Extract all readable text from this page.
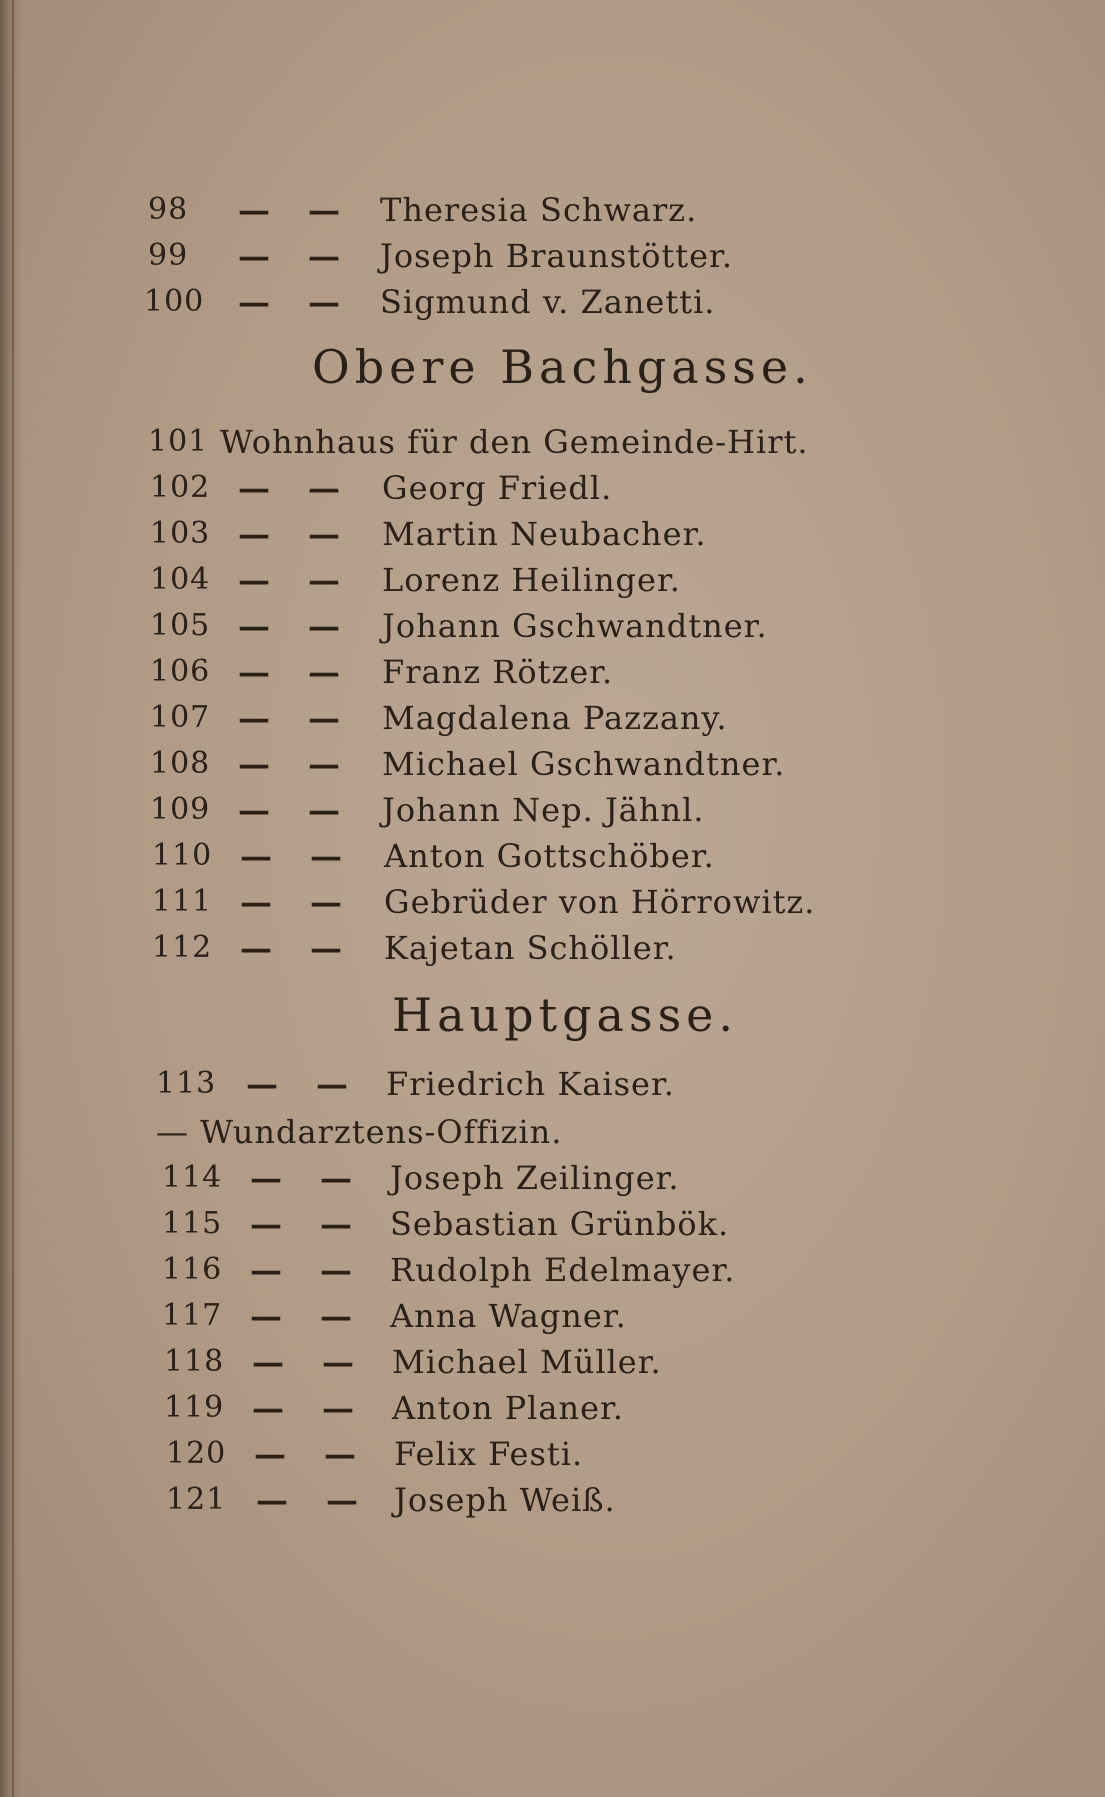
98	— — Theresia Schwarz.
99	— — Joseph Braunstötter.
100	— — Sigmund v. Zanetti.
Obere Bachgasse.
101 Wohnhaus für den Gemeinde-Hirt.
102 — — Georg Friedl.
103 — — Martin Neubacher.
104 — — Lorenz Heilinger.
105 — — Johann Gschwandtner.
106 — — Franz Rötzer.
107 — — Magdalena Pazzany.
108 — — Michael Gschwandtner.
109 — — Johann Nep. Jähnl.
110 — — Anton Gottschöber.
111 — — Gebrüder von Hörrowitz.
112 — — Kajetan Schöller.
Hauptgasse.
113 — — Friedrich Kaiser.
— Wundarztens-Offizin.
114 — — Joseph Zeilinger.
115 — — Sebastian Grünbök.
116 — — Rudolph Edelmayer.
117 — — Anna Wagner.
118 — — Michael Müller.
119 — — Anton Planer.
120 — — Felix Festi.
121 — — Joseph Weiß.
